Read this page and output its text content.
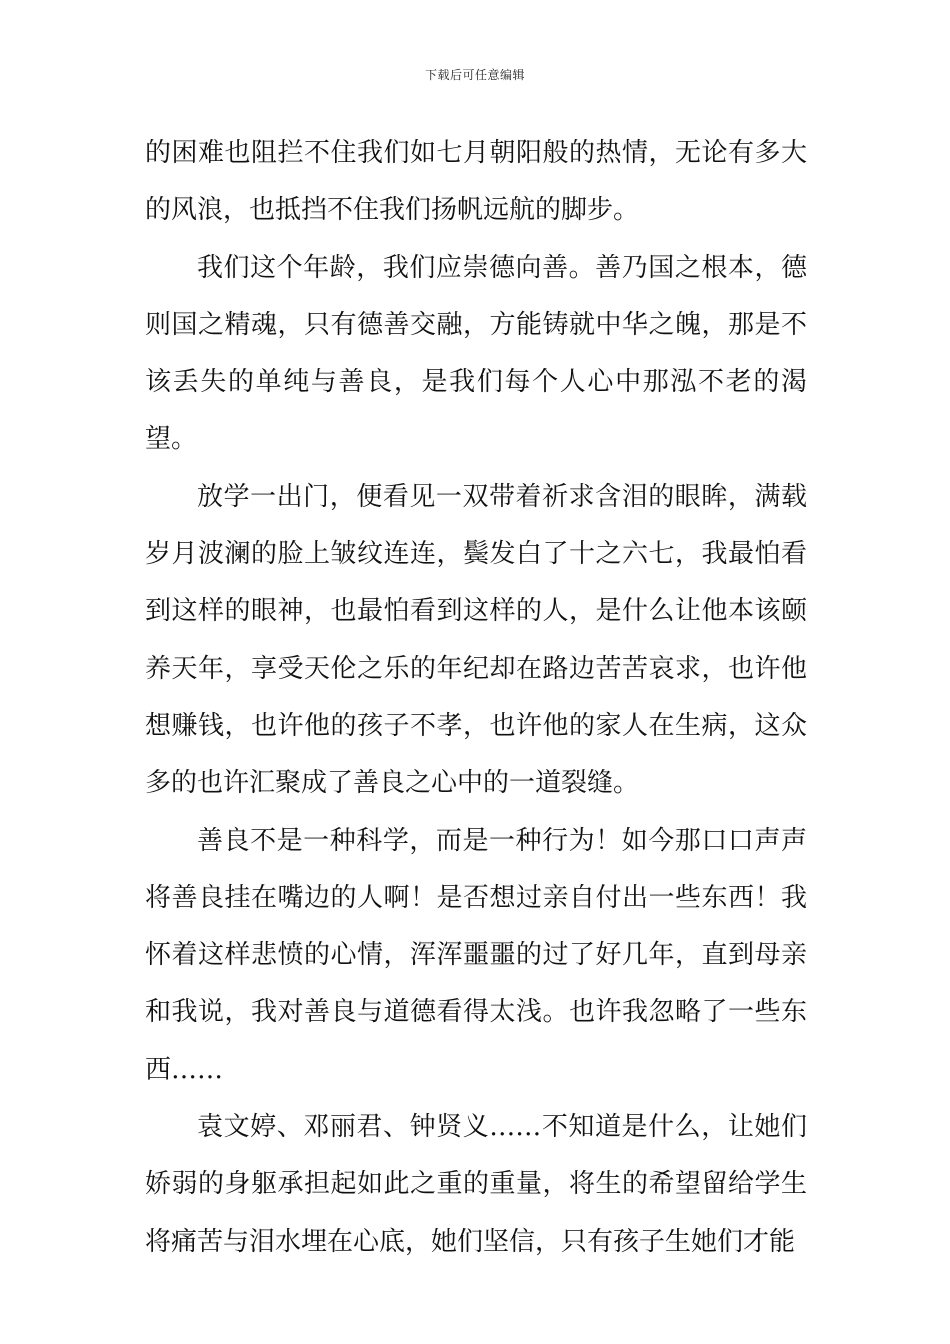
下载后可任意编辑

的困难也阻拦不住我们如七月朝阳般的热情，无论有多大的风浪，也抵挡不住我们扬帆远航的脚步。

我们这个年龄，我们应崇德向善。善乃国之根本，德则国之精魂，只有德善交融，方能铸就中华之魄，那是不该丢失的单纯与善良，是我们每个人心中那泓不老的渴望。

放学一出门，便看见一双带着祈求含泪的眼眸，满载岁月波澜的脸上皱纹连连，鬓发白了十之六七，我最怕看到这样的眼神，也最怕看到这样的人，是什么让他本该颐养天年，享受天伦之乐的年纪却在路边苦苦哀求，也许他想赚钱，也许他的孩子不孝，也许他的家人在生病，这众多的也许汇聚成了善良之心中的一道裂缝。

善良不是一种科学，而是一种行为！如今那口口声声将善良挂在嘴边的人啊！是否想过亲自付出一些东西！我怀着这样悲愤的心情，浑浑噩噩的过了好几年，直到母亲和我说，我对善良与道德看得太浅。也许我忽略了一些东西……

袁文婷、邓丽君、钟贤义……不知道是什么，让她们娇弱的身躯承担起如此之重的重量，将生的希望留给学生将痛苦与泪水埋在心底，她们坚信，只有孩子生她们才能
